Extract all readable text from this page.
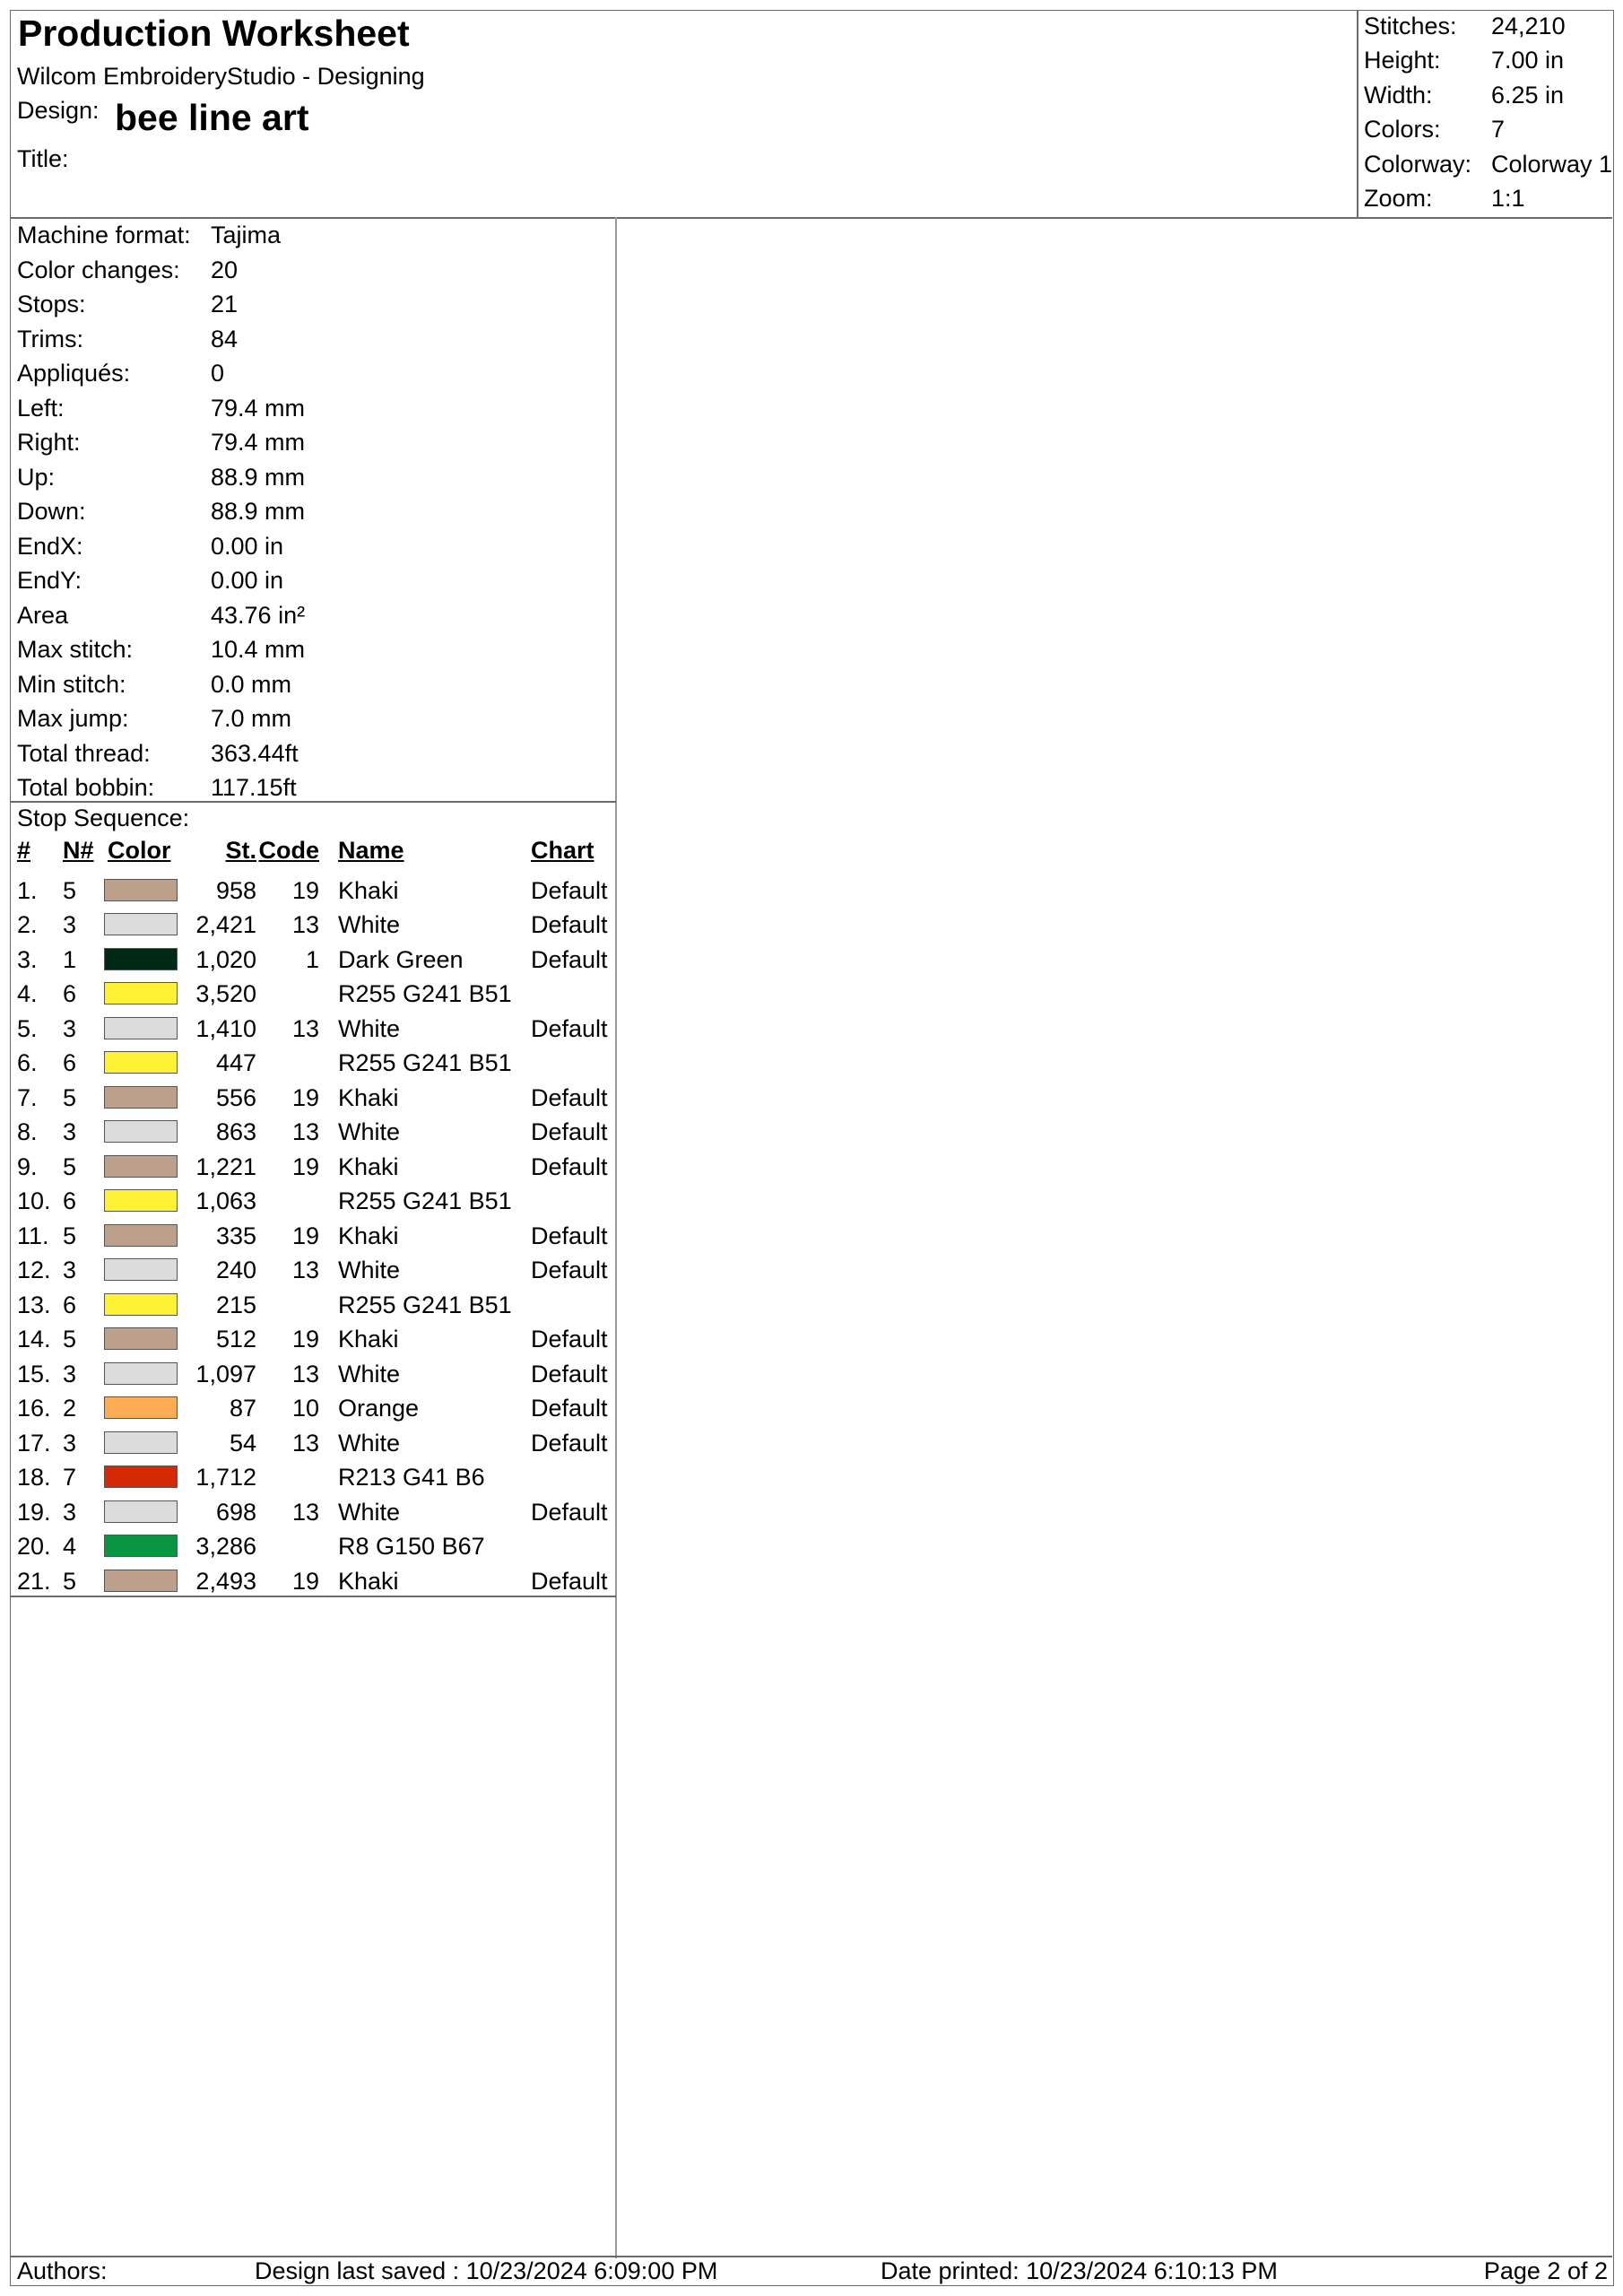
Production Worksheet
Wilcom EmbroideryStudio - Designing
Design: bee line art
Title:
Stitches: 24,210
Height: 7.00 in
Width: 6.25 in
Colors: 7
Colorway: Colorway 1
Zoom: 1:1
Machine format: Tajima
Color changes: 20
Stops:	21
Trims:	84
Appliqués:	0
Left:	79.4 mm
Right:	79.4 mm
Up:	88.9 mm
Down:	88.9 mm
EndX:	0.00 in
EndY:	0.00 in
Area	43.76 in²
Max stitch:	10.4 mm
Min stitch:	0.0 mm
Max jump:	7.0 mm
Total thread: 363.44ft
Total bobbin: 117.15ft
Stop Sequence:
# N# Color St. Code Name	Chart
1. 5	958 19 Khaki	Default
2. 3	2,421 13 White	Default
3. 1	1,020 1 Dark Green	Default
4. 6	3,520	R255 G241 B51
5. 3	1,410 13 White	Default
6. 6	447	R255 G241 B51
7. 5	556 19 Khaki	Default
8. 3	863 13 White	Default
9. 5	1,221 19 Khaki	Default
10. 6	1,063	R255 G241 B51
11. 5	335 19 Khaki	Default
12. 3	240 13 White	Default
13. 6	215	R255 G241 B51
14. 5	512 19 Khaki	Default
15. 3	1,097 13 White	Default
16. 2	87 10 Orange	Default
17. 3	54 13 White	Default
18. 7	1,712	R213 G41 B6
19. 3	698 13 White	Default
20. 4	3,286	R8 G150 B67
21. 5	2,493 19 Khaki	Default
Authors:	Design last saved : 10/23/2024 6:09:00 PM	Date printed: 10/23/2024 6:10:13 PM	Page 2 of 2
